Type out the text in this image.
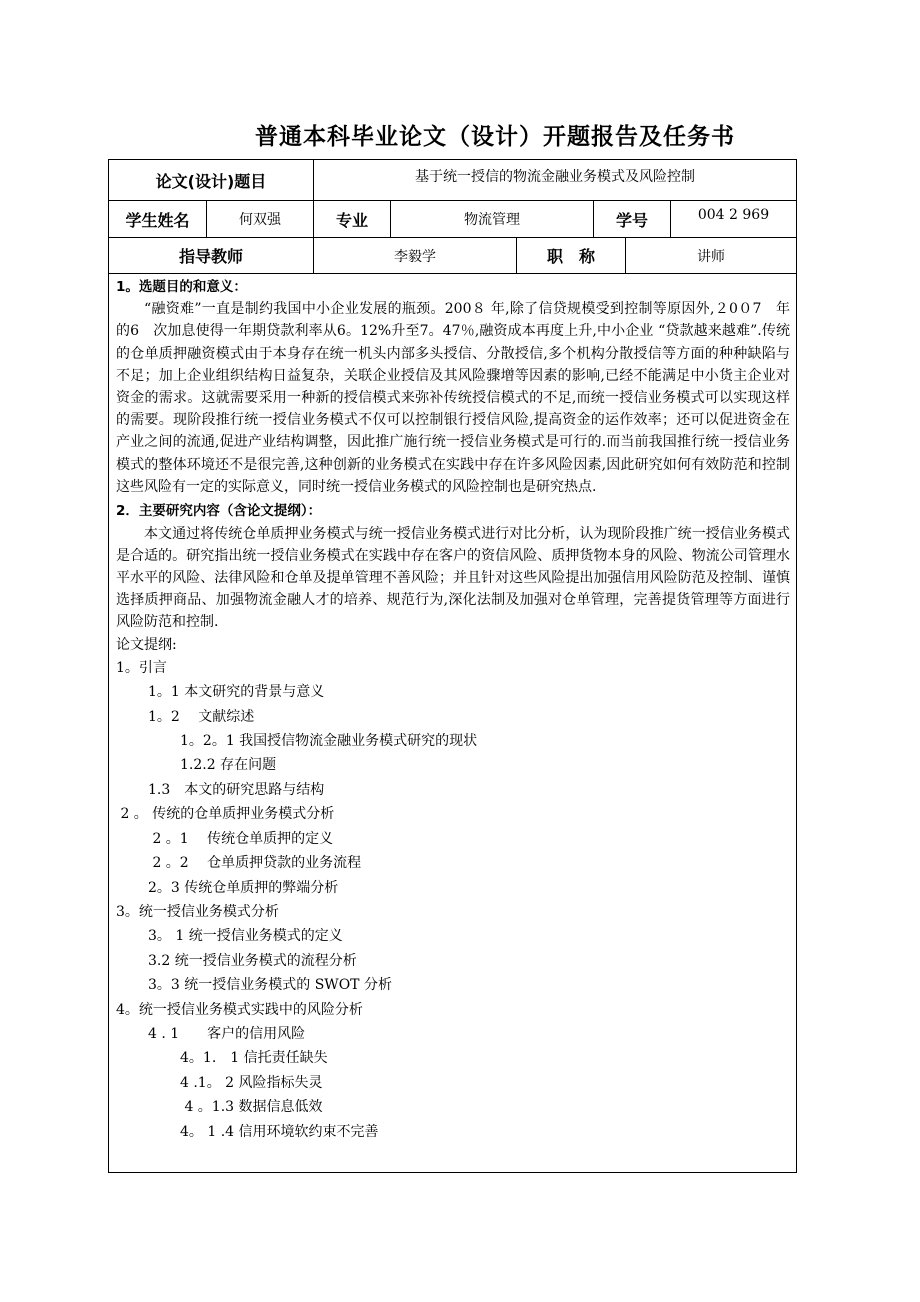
普通本科毕业论文（设计）开题报告及任务书
论文(设计)题目	基于统一授信的物流金融业务模式及风险控制
学生姓名	何双强	专业	物流管理	学号	004 2 969
指导教师	李毅学	职　称	讲师

1。选题目的和意义：

“融资难”一直是制约我国中小企业发展的瓶颈。200８ 年,除了信贷规模受到控制等原因外,２0０7　年的6　次加息使得一年期贷款利率从6。12%升至7。47％,融资成本再度上升,中小企业 “贷款越来越难”.传统的仓单质押融资模式由于本身存在统一机头内部多头授信、分散授信,多个机构分散授信等方面的种种缺陷与不足；加上企业组织结构日益复杂，关联企业授信及其风险骤增等因素的影响,已经不能满足中小货主企业对资金的需求。这就需要采用一种新的授信模式来弥补传统授信模式的不足,而统一授信业务模式可以实现这样的需要。现阶段推行统一授信业务模式不仅可以控制银行授信风险,提高资金的运作效率；还可以促进资金在产业之间的流通,促进产业结构调整，因此推广施行统一授信业务模式是可行的.而当前我国推行统一授信业务模式的整体环境还不是很完善,这种创新的业务模式在实践中存在许多风险因素,因此研究如何有效防范和控制这些风险有一定的实际意义，同时统一授信业务模式的风险控制也是研究热点.

2．主要研究内容（含论文提纲）：

本文通过将传统仓单质押业务模式与统一授信业务模式进行对比分析，认为现阶段推广统一授信业务模式是合适的。研究指出统一授信业务模式在实践中存在客户的资信风险、质押货物本身的风险、物流公司管理水平水平的风险、法律风险和仓单及提单管理不善风险；并且针对这些风险提出加强信用风险防范及控制、谨慎选择质押商品、加强物流金融人才的培养、规范行为,深化法制及加强对仓单管理，完善提货管理等方面进行风险防范和控制.

论文提纲:

1。引言

1。1 本文研究的背景与意义

1。2　 文献综述

1。2。1 我国授信物流金融业务模式研究的现状

1.2.2 存在问题

1.3　本文的研究思路与结构

2 。 传统的仓单质押业务模式分析

2 。1　 传统仓单质押的定义

2 。2　 仓单质押贷款的业务流程

2。3 传统仓单质押的弊端分析

3。统一授信业务模式分析

3。 1 统一授信业务模式的定义

3.2 统一授信业务模式的流程分析

3。3 统一授信业务模式的 SWOT 分析

4。统一授信业务模式实践中的风险分析

4 . 1　　客户的信用风险

4。1.　1 信托责任缺失

4 .1。 2 风险指标失灵

4 。1.3 数据信息低效

4。 1 .4 信用环境软约束不完善
